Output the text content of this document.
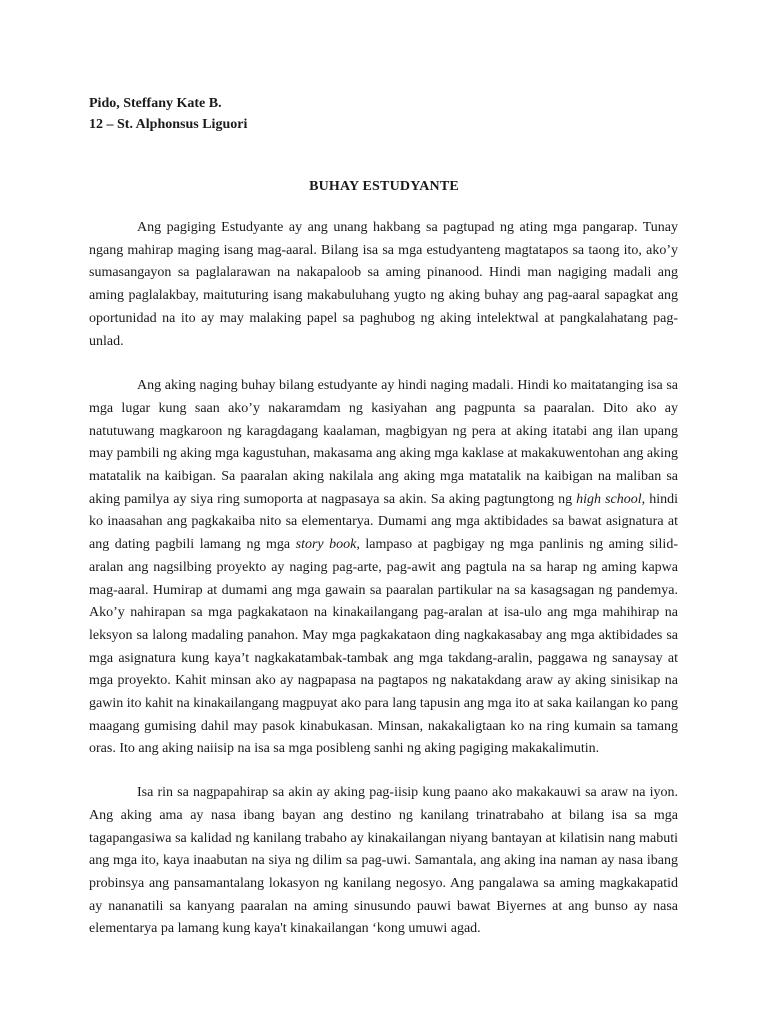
Pido, Steffany Kate B.
12 – St. Alphonsus Liguori
BUHAY ESTUDYANTE

Ang pagiging Estudyante ay ang unang hakbang sa pagtupad ng ating mga pangarap. Tunay ngang mahirap maging isang mag-aaral. Bilang isa sa mga estudyanteng magtatapos sa taong ito, ako’y sumasangayon sa paglalarawan na nakapaloob sa aming pinanood. Hindi man nagiging madali ang aming paglalakbay, maituturing isang makabuluhang yugto ng aking buhay ang pag-aaral sapagkat ang oportunidad na ito ay may malaking papel sa paghubog ng aking intelektwal at pangkalahatang pag-unlad.

Ang aking naging buhay bilang estudyante ay hindi naging madali. Hindi ko maitatanging isa sa mga lugar kung saan ako’y nakaramdam ng kasiyahan ang pagpunta sa paaralan. Dito ako ay natutuwang magkaroon ng karagdagang kaalaman, magbigyan ng pera at aking itatabi ang ilan upang may pambili ng aking mga kagustuhan, makasama ang aking mga kaklase at makakuwentohan ang aking matatalik na kaibigan. Sa paaralan aking nakilala ang aking mga matatalik na kaibigan na maliban sa aking pamilya ay siya ring sumoporta at nagpasaya sa akin. Sa aking pagtungtong ng high school, hindi ko inaasahan ang pagkakaiba nito sa elementarya. Dumami ang mga aktibidades sa bawat asignatura at ang dating pagbili lamang ng mga story book, lampaso at pagbigay ng mga panlinis ng aming silid-aralan ang nagsilbing proyekto ay naging pag-arte, pag-awit ang pagtula na sa harap ng aming kapwa mag-aaral. Humirap at dumami ang mga gawain sa paaralan partikular na sa kasagsagan ng pandemya. Ako’y nahirapan sa mga pagkakataon na kinakailangang pag-aralan at isa-ulo ang mga mahihirap na leksyon sa lalong madaling panahon. May mga pagkakataon ding nagkakasabay ang mga aktibidades sa mga asignatura kung kaya’t nagkakatambak-tambak ang mga takdang-aralin, paggawa ng sanaysay at mga proyekto. Kahit minsan ako ay nagpapasa na pagtapos ng nakatakdang araw ay aking sinisikap na gawin ito kahit na kinakailangang magpuyat ako para lang tapusin ang mga ito at saka kailangan ko pang maagang gumising dahil may pasok kinabukasan. Minsan, nakakaligtaan ko na ring kumain sa tamang oras. Ito ang aking naiisip na isa sa mga posibleng sanhi ng aking pagiging makakalimutin.

Isa rin sa nagpapahirap sa akin ay aking pag-iisip kung paano ako makakauwi sa araw na iyon. Ang aking ama ay nasa ibang bayan ang destino ng kanilang trinatrabaho at bilang isa sa mga tagapangasiwa sa kalidad ng kanilang trabaho ay kinakailangan niyang bantayan at kilatisin nang mabuti ang mga ito, kaya inaabutan na siya ng dilim sa pag-uwi. Samantala, ang aking ina naman ay nasa ibang probinsya ang pansamantalang lokasyon ng kanilang negosyo. Ang pangalawa sa aming magkakapatid ay nananatili sa kanyang paaralan na aming sinusundo pauwi bawat Biyernes at ang bunso ay nasa elementarya pa lamang kung kaya't kinakailangan ‘kong umuwi agad.
